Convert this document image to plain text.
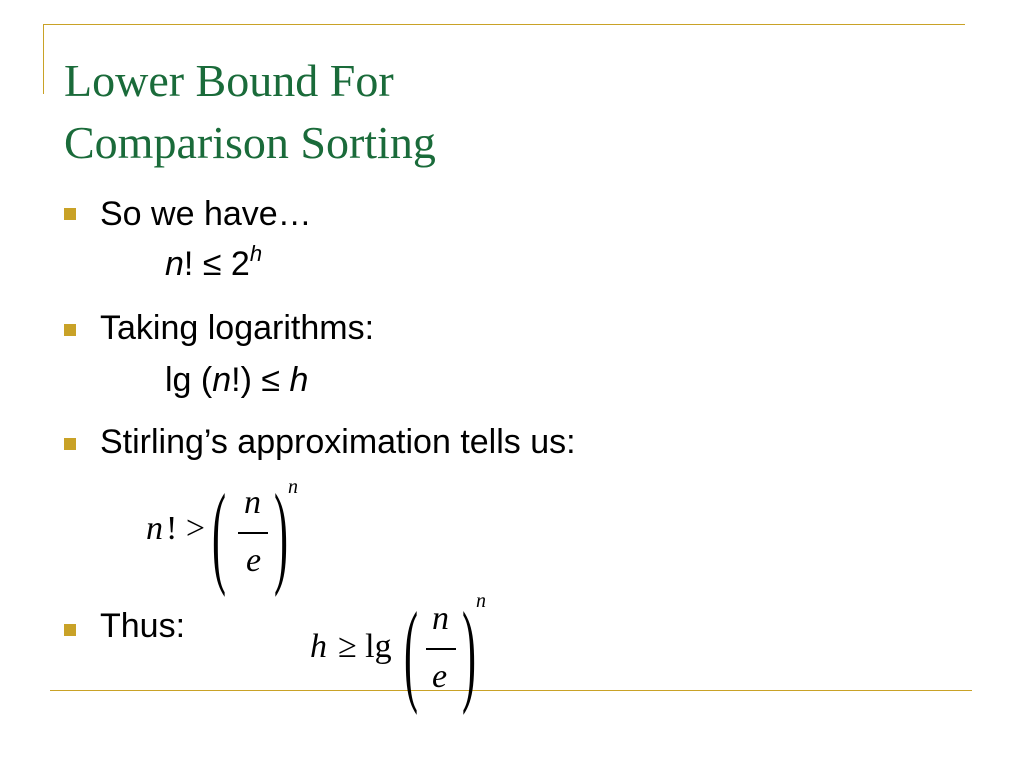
Lower Bound For
Comparison Sorting
So we have…
n! ≤ $2^h$
Taking logarithms:
lg (n!) ≤ h
Stirling’s approximation tells us:
n ! > ( n
e ) n
Thus:
h ≥ lg ( n
e ) n
